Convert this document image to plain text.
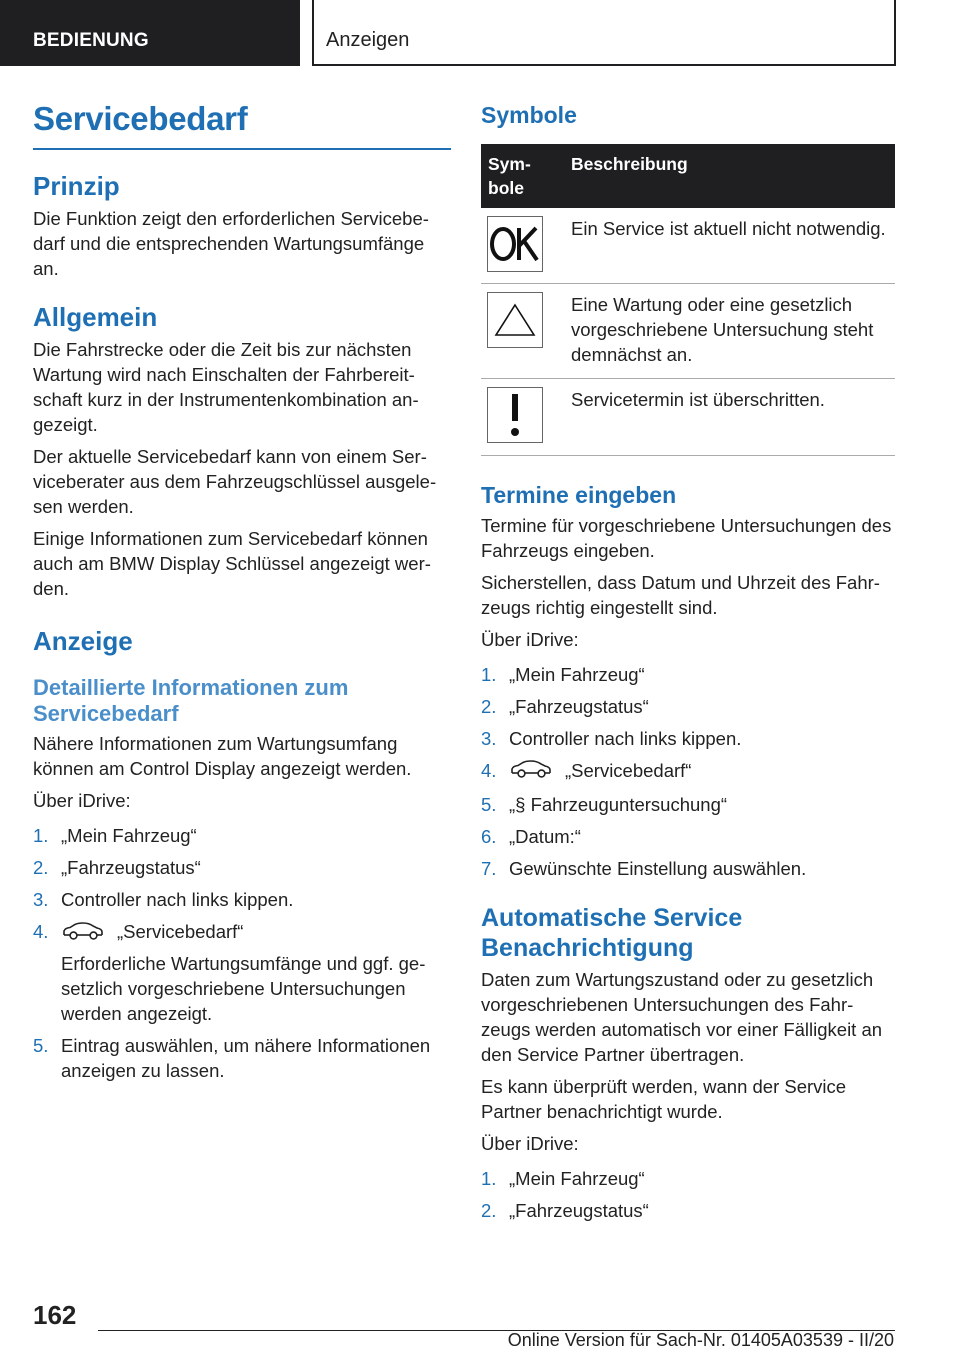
BEDIENUNG	Anzeigen
Servicebedarf
Prinzip

Die Funktion zeigt den erforderlichen Servicebedarf und die entsprechenden Wartungsumfänge an.

Allgemein

Die Fahrstrecke oder die Zeit bis zur nächsten Wartung wird nach Einschalten der Fahrbereitschaft kurz in der Instrumentenkombination angezeigt.

Der aktuelle Servicebedarf kann von einem Serviceberater aus dem Fahrzeugschlüssel ausgelesen werden.

Einige Informationen zum Servicebedarf können auch am BMW Display Schlüssel angezeigt werden.

Anzeige
Detaillierte Informationen zum Servicebedarf

Nähere Informationen zum Wartungsumfang können am Control Display angezeigt werden.

Über iDrive:

1. „Mein Fahrzeug“
2. „Fahrzeugstatus“
3. Controller nach links kippen.
4.	„Servicebedarf“
Erforderliche Wartungsumfänge und ggf. gesetzlich vorgeschriebene Untersuchungen werden angezeigt.
5. Eintrag auswählen, um nähere Informationen anzeigen zu lassen.
Symbole
Symbole	Beschreibung

	Ein Service ist aktuell nicht notwendig.

	Eine Wartung oder eine gesetzlich vorgeschriebene Untersuchung steht demnächst an.

	Servicetermin ist überschritten.
Termine eingeben

Termine für vorgeschriebene Untersuchungen des Fahrzeugs eingeben.

Sicherstellen, dass Datum und Uhrzeit des Fahrzeugs richtig eingestellt sind.

Über iDrive:

1. „Mein Fahrzeug“
2. „Fahrzeugstatus“
3. Controller nach links kippen.
4.	„Servicebedarf“
5. „§ Fahrzeuguntersuchung“
6. „Datum:“
7. Gewünschte Einstellung auswählen.
Automatische Service Benachrichtigung

Daten zum Wartungszustand oder zu gesetzlich vorgeschriebenen Untersuchungen des Fahrzeugs werden automatisch vor einer Fälligkeit an den Service Partner übertragen.

Es kann überprüft werden, wann der Service Partner benachrichtigt wurde.

Über iDrive:

1. „Mein Fahrzeug“
2. „Fahrzeugstatus“
162
Online Version für Sach-Nr. 01405A03539 - II/20
